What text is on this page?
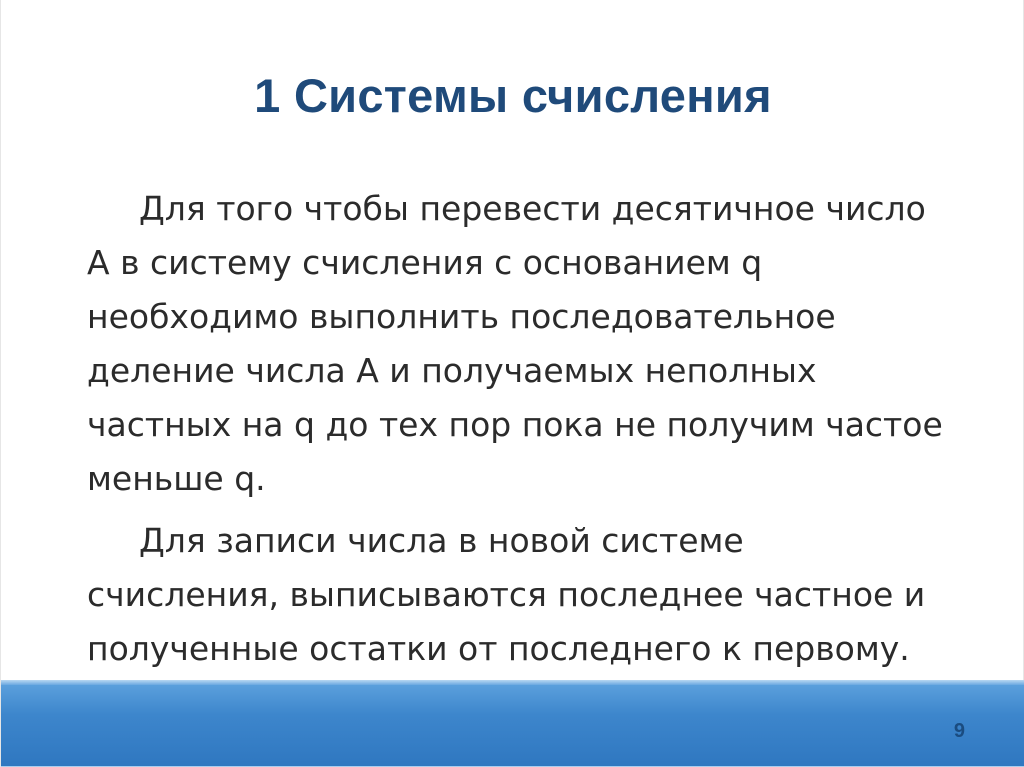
1 Системы счисления
Для того чтобы перевести десятичное число
А в систему счисления с основанием q
необходимо выполнить последовательное
деление числа А и получаемых неполных
частных на q до тех пор пока не получим частое
меньше q.
Для записи числа в новой системе
счисления, выписываются последнее частное и
полученные остатки от последнего к первому.
9
